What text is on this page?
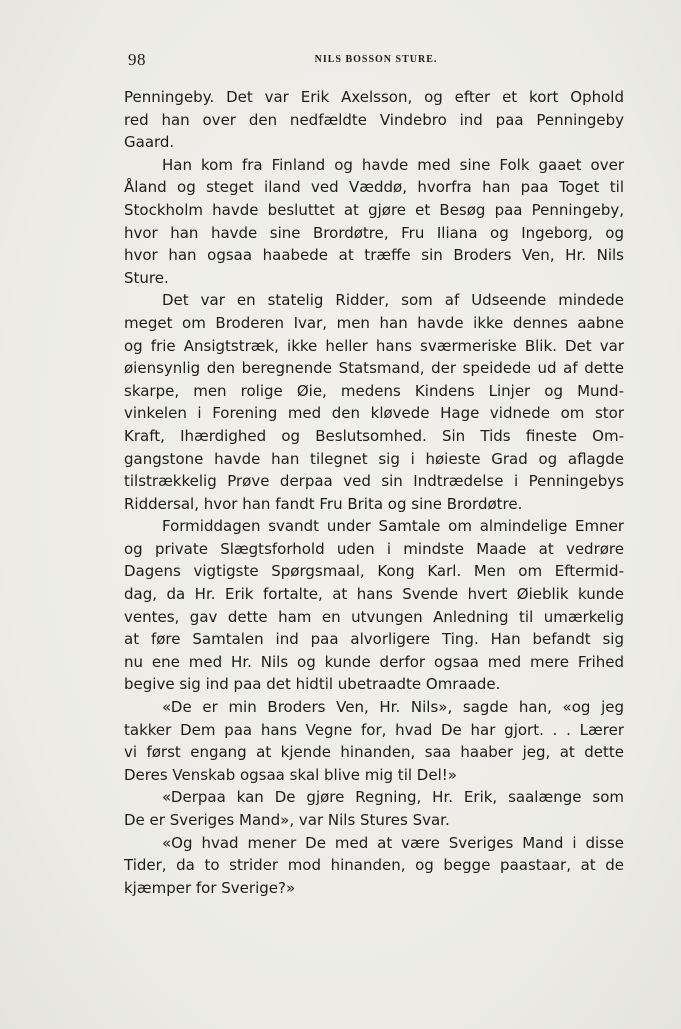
98	NILS BOSSON STURE.
Penningeby. Det var Erik Axelsson, og efter et kort Ophold
red han over den nedfældte Vindebro ind paa Penningeby
Gaard.
Han kom fra Finland og havde med sine Folk gaaet over
Åland og steget iland ved Væddø, hvorfra han paa Toget til
Stockholm havde besluttet at gjøre et Besøg paa Penningeby,
hvor han havde sine Brordøtre, Fru Iliana og Ingeborg, og
hvor han ogsaa haabede at træffe sin Broders Ven, Hr. Nils
Sture.
Det var en statelig Ridder, som af Udseende mindede
meget om Broderen Ivar, men han havde ikke dennes aabne
og frie Ansigtstræk, ikke heller hans sværmeriske Blik. Det var
øiensynlig den beregnende Statsmand, der speidede ud af dette
skarpe, men rolige Øie, medens Kindens Linjer og Mund-
vinkelen i Forening med den kløvede Hage vidnede om stor
Kraft, Ihærdighed og Beslutsomhed. Sin Tids fineste Om-
gangstone havde han tilegnet sig i høieste Grad og aflagde
tilstrækkelig Prøve derpaa ved sin Indtrædelse i Penningebys
Riddersal, hvor han fandt Fru Brita og sine Brordøtre.
Formiddagen svandt under Samtale om almindelige Emner
og private Slægtsforhold uden i mindste Maade at vedrøre
Dagens vigtigste Spørgsmaal, Kong Karl. Men om Eftermid-
dag, da Hr. Erik fortalte, at hans Svende hvert Øieblik kunde
ventes, gav dette ham en utvungen Anledning til umærkelig
at føre Samtalen ind paa alvorligere Ting. Han befandt sig
nu ene med Hr. Nils og kunde derfor ogsaa med mere Frihed
begive sig ind paa det hidtil ubetraadte Omraade.
«De er min Broders Ven, Hr. Nils», sagde han, «og jeg
takker Dem paa hans Vegne for, hvad De har gjort. . . Lærer
vi først engang at kjende hinanden, saa haaber jeg, at dette
Deres Venskab ogsaa skal blive mig til Del!»
«Derpaa kan De gjøre Regning, Hr. Erik, saalænge som
De er Sveriges Mand», var Nils Stures Svar.
«Og hvad mener De med at være Sveriges Mand i disse
Tider, da to strider mod hinanden, og begge paastaar, at de
kjæmper for Sverige?»
